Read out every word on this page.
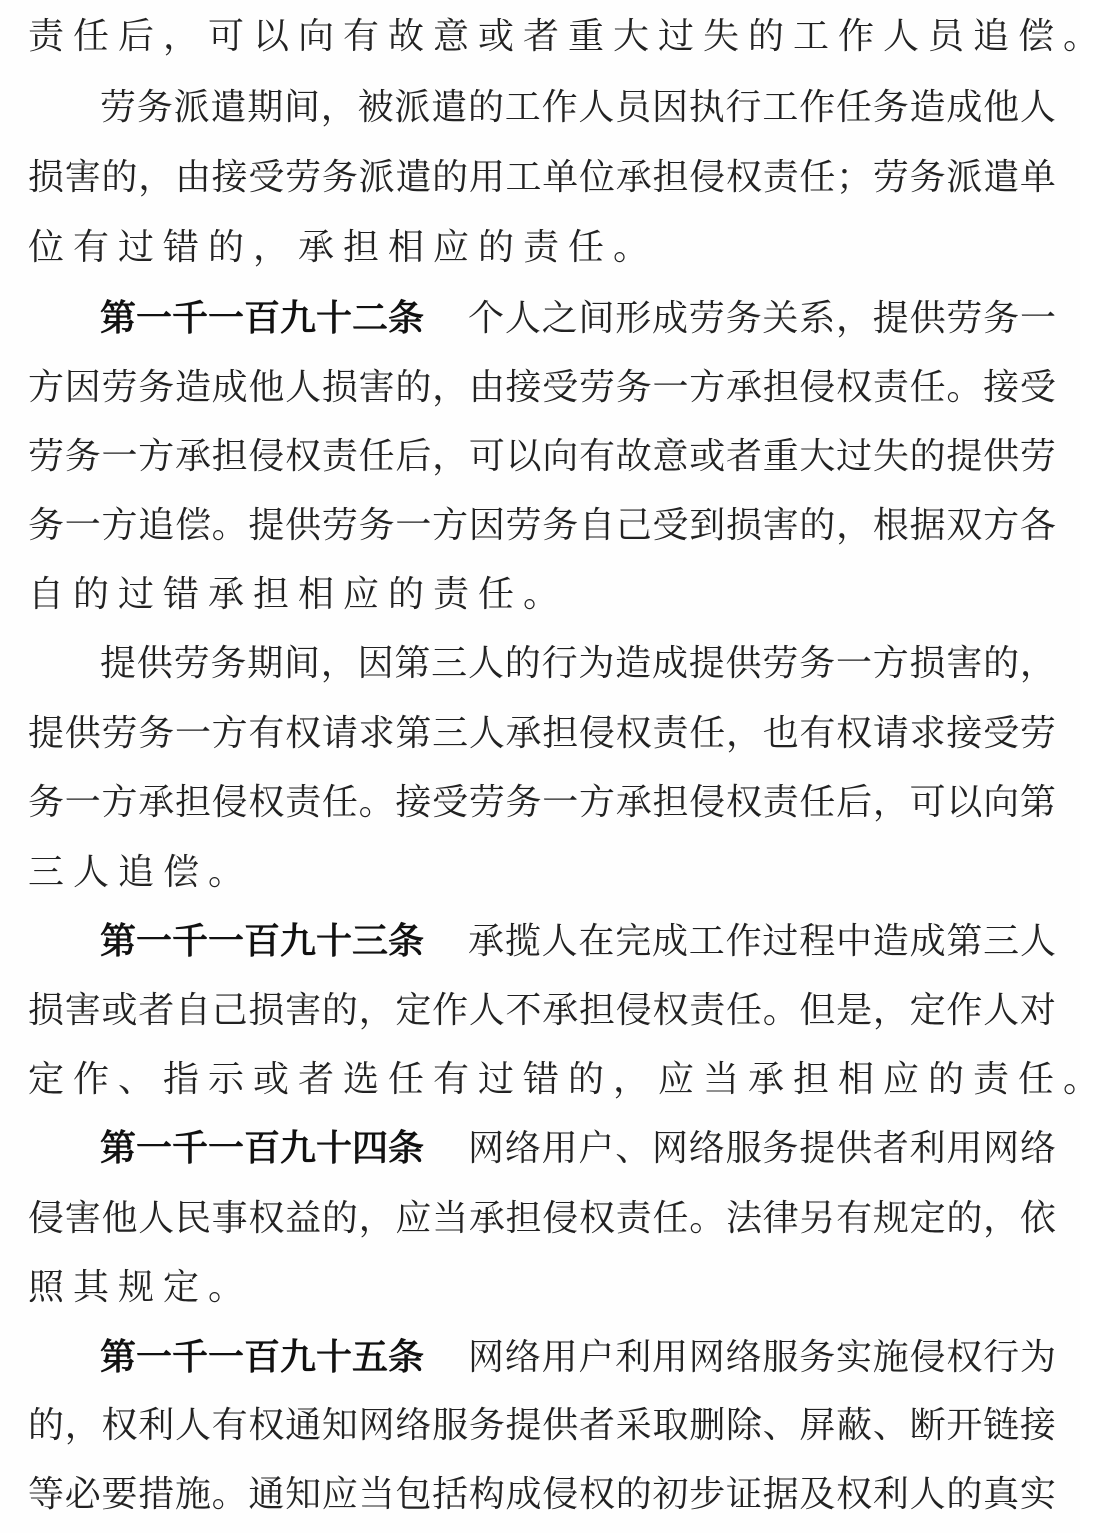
责 任 后 ， 可 以 向 有 故 意 或 者 重 大 过 失 的 工 作 人 员 追 偿 。
劳 务 派 遣 期 间 ， 被 派 遣 的 工 作 人 员 因 执 行 工 作 任 务 造 成 他 人
损 害 的 ， 由 接 受 劳 务 派 遣 的 用 工 单 位 承 担 侵 权 责 任 ； 劳 务 派 遣 单
位 有 过 错 的 ， 承 担 相 应 的 责 任 。
第一千一百九十二条 个 人 之 间 形 成 劳 务 关 系 ， 提 供 劳 务 一
方 因 劳 务 造 成 他 人 损 害 的 ， 由 接 受 劳 务 一 方 承 担 侵 权 责 任 。 接 受
劳 务 一 方 承 担 侵 权 责 任 后 ， 可 以 向 有 故 意 或 者 重 大 过 失 的 提 供 劳
务 一 方 追 偿 。 提 供 劳 务 一 方 因 劳 务 自 己 受 到 损 害 的 ， 根 据 双 方 各
自 的 过 错 承 担 相 应 的 责 任 。
提 供 劳 务 期 间 ， 因 第 三 人 的 行 为 造 成 提 供 劳 务 一 方 损 害 的 ，
提 供 劳 务 一 方 有 权 请 求 第 三 人 承 担 侵 权 责 任 ， 也 有 权 请 求 接 受 劳
务 一 方 承 担 侵 权 责 任 。 接 受 劳 务 一 方 承 担 侵 权 责 任 后 ， 可 以 向 第
三 人 追 偿 。
第一千一百九十三条 承 揽 人 在 完 成 工 作 过 程 中 造 成 第 三 人
损 害 或 者 自 己 损 害 的 ， 定 作 人 不 承 担 侵 权 责 任 。 但 是 ， 定 作 人 对
定 作 、 指 示 或 者 选 任 有 过 错 的 ， 应 当 承 担 相 应 的 责 任 。
第一千一百九十四条 网 络 用 户 、 网 络 服 务 提 供 者 利 用 网 络
侵 害 他 人 民 事 权 益 的 ， 应 当 承 担 侵 权 责 任 。 法 律 另 有 规 定 的 ， 依
照 其 规 定 。
第一千一百九十五条 网 络 用 户 利 用 网 络 服 务 实 施 侵 权 行 为
的 ， 权 利 人 有 权 通 知 网 络 服 务 提 供 者 采 取 删 除 、 屏 蔽 、 断 开 链 接
等 必 要 措 施 。 通 知 应 当 包 括 构 成 侵 权 的 初 步 证 据 及 权 利 人 的 真 实
